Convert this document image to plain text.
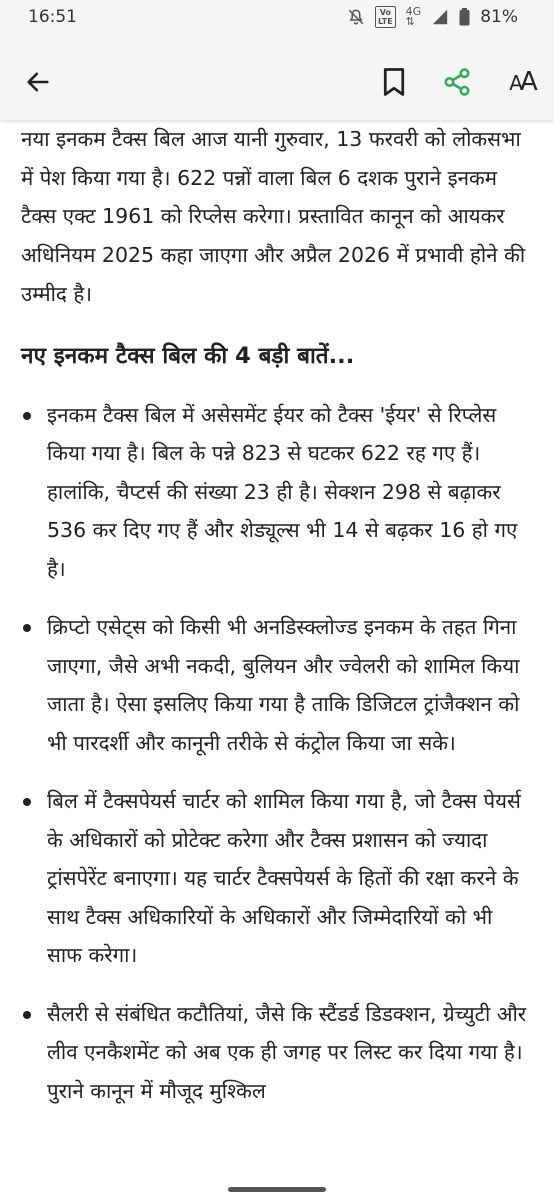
16:51	Vo
LTE
4G
⇅	81%
AA

नया इनकम टैक्स बिल आज यानी गुरुवार, 13 फरवरी को लोकसभा में पेश किया गया है। 622 पन्नों वाला बिल 6 दशक पुराने इनकम टैक्स एक्ट 1961 को रिप्लेस करेगा। प्रस्तावित कानून को आयकर अधिनियम 2025 कहा जाएगा और अप्रैल 2026 में प्रभावी होने की उम्मीद है।

नए इनकम टैक्स बिल की 4 बड़ी बातें...
इनकम टैक्स बिल में असेसमेंट ईयर को टैक्स 'ईयर' से रिप्लेस किया गया है। बिल के पन्ने 823 से घटकर 622 रह गए हैं। हालांकि, चैप्टर्स की संख्या 23 ही है। सेक्शन 298 से बढ़ाकर 536 कर दिए गए हैं और शेड्यूल्स भी 14 से बढ़कर 16 हो गए है।
क्रिप्टो एसेट्स को किसी भी अनडिस्क्लोज्ड इनकम के तहत गिना जाएगा, जैसे अभी नकदी, बुलियन और ज्वेलरी को शामिल किया जाता है। ऐसा इसलिए किया गया है ताकि डिजिटल ट्रांजैक्शन को भी पारदर्शी और कानूनी तरीके से कंट्रोल किया जा सके।
बिल में टैक्सपेयर्स चार्टर को शामिल किया गया है, जो टैक्स पेयर्स के अधिकारों को प्रोटेक्ट करेगा और टैक्स प्रशासन को ज्यादा ट्रांसपेरेंट बनाएगा। यह चार्टर टैक्सपेयर्स के हितों की रक्षा करने के साथ टैक्स अधिकारियों के अधिकारों और जिम्मेदारियों को भी साफ करेगा।
सैलरी से संबंधित कटौतियां, जैसे कि स्टैंडर्ड डिडक्शन, ग्रेच्युटी और लीव एनकैशमेंट को अब एक ही जगह पर लिस्ट कर दिया गया है। पुराने कानून में मौजूद मुश्किल
